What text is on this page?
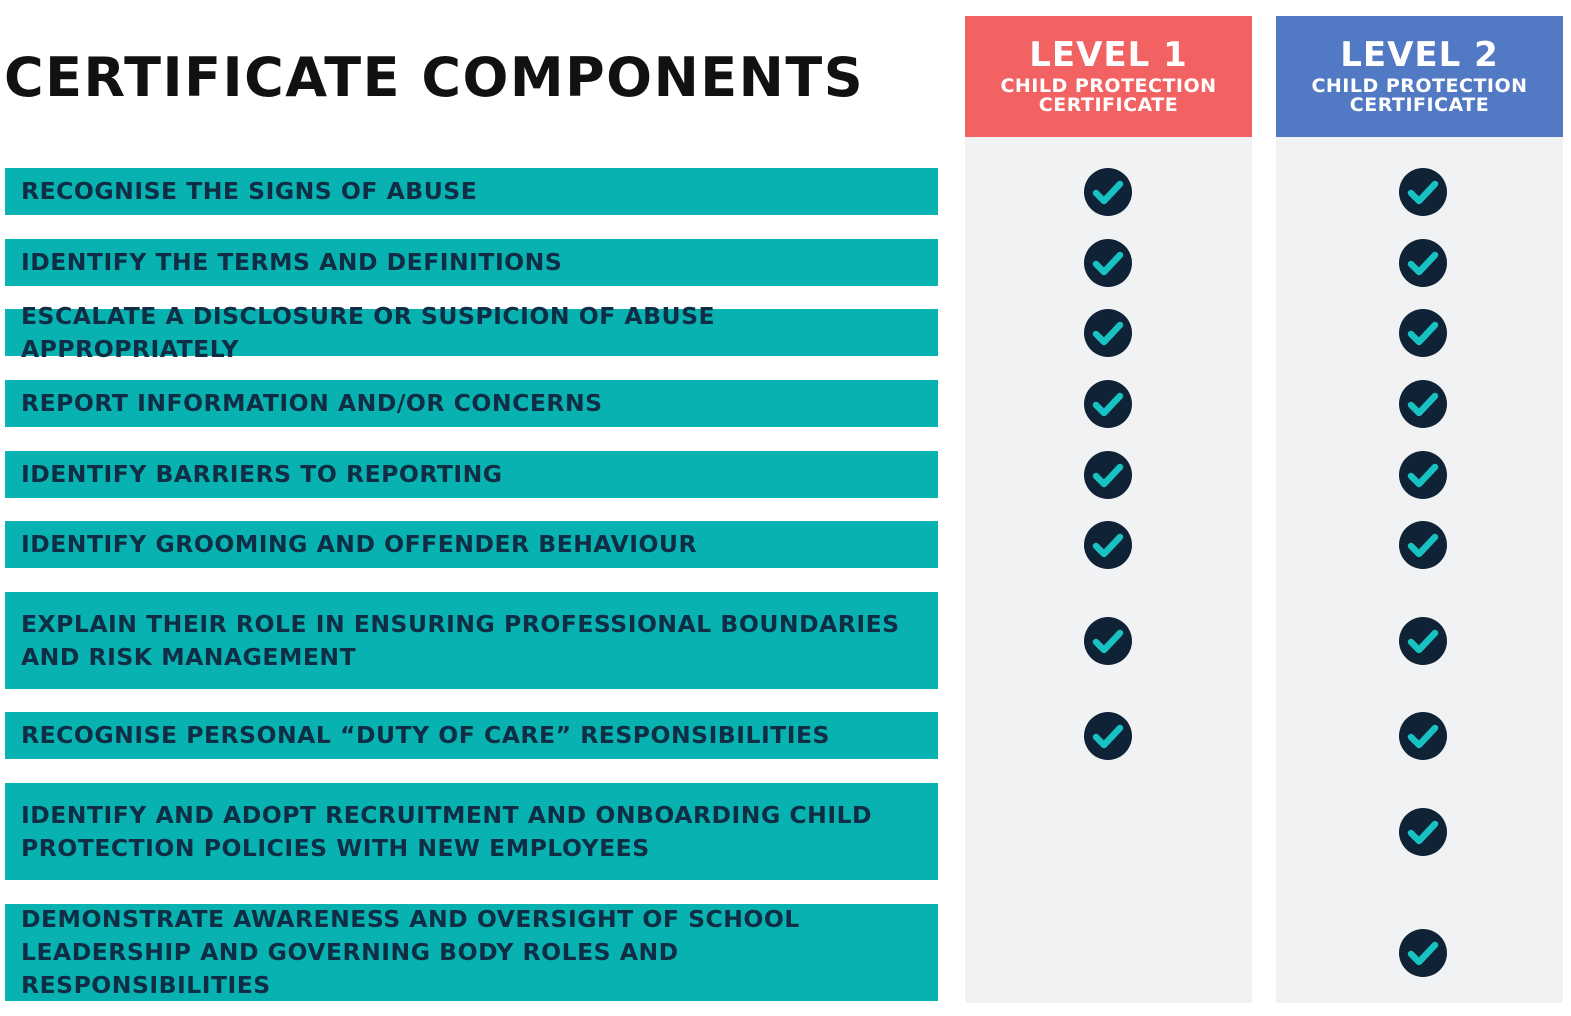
CERTIFICATE COMPONENTS	LEVEL 1
CHILD PROTECTION CERTIFICATE
LEVEL 2
CHILD PROTECTION CERTIFICATE
RECOGNISE THE SIGNS OF ABUSE
IDENTIFY THE TERMS AND DEFINITIONS
ESCALATE A DISCLOSURE OR SUSPICION OF ABUSE APPROPRIATELY
REPORT INFORMATION AND/OR CONCERNS
IDENTIFY BARRIERS TO REPORTING
IDENTIFY GROOMING AND OFFENDER BEHAVIOUR
EXPLAIN THEIR ROLE IN ENSURING PROFESSIONAL BOUNDARIES
AND RISK MANAGEMENT
RECOGNISE PERSONAL “DUTY OF CARE” RESPONSIBILITIES
IDENTIFY AND ADOPT RECRUITMENT AND ONBOARDING CHILD
PROTECTION POLICIES WITH NEW EMPLOYEES
DEMONSTRATE AWARENESS AND OVERSIGHT OF SCHOOL
LEADERSHIP AND GOVERNING BODY ROLES AND RESPONSIBILITIES
